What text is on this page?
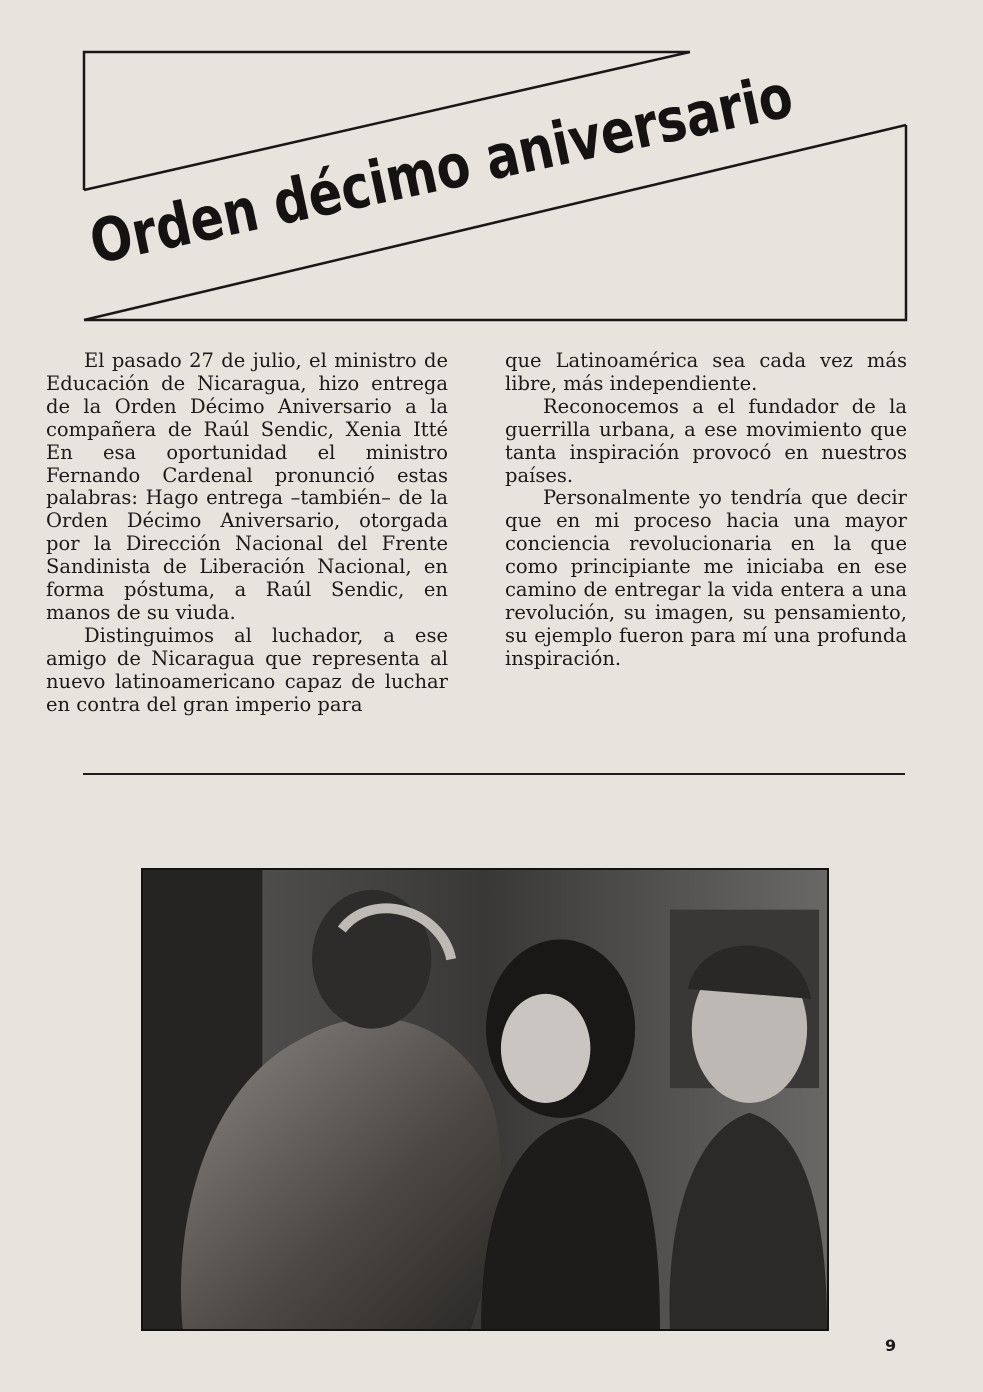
Orden décimo aniversario

El pasado 27 de julio, el ministro de Educación de Nicaragua, hizo entrega de la Orden Décimo Aniversario a la compañera de Raúl Sendic, Xenia Itté En esa oportunidad el ministro Fernando Cardenal pronunció estas palabras: Hago entrega –también– de la Orden Décimo Aniversario, otorgada por la Dirección Nacional del Frente Sandinista de Liberación Nacional, en forma póstuma, a Raúl Sendic, en manos de su viuda.

Distinguimos al luchador, a ese amigo de Nicaragua que representa al nuevo latinoamericano capaz de luchar en contra del gran imperio para

que Latinoamérica sea cada vez más libre, más independiente.

Reconocemos a el fundador de la guerrilla urbana, a ese movimiento que tanta inspiración provocó en nuestros países.

Personalmente yo tendría que decir que en mi proceso hacia una mayor conciencia revolucionaria en la que como principiante me iniciaba en ese camino de entregar la vida entera a una revolución, su imagen, su pensamiento, su ejemplo fueron para mí una profunda inspiración.

9
